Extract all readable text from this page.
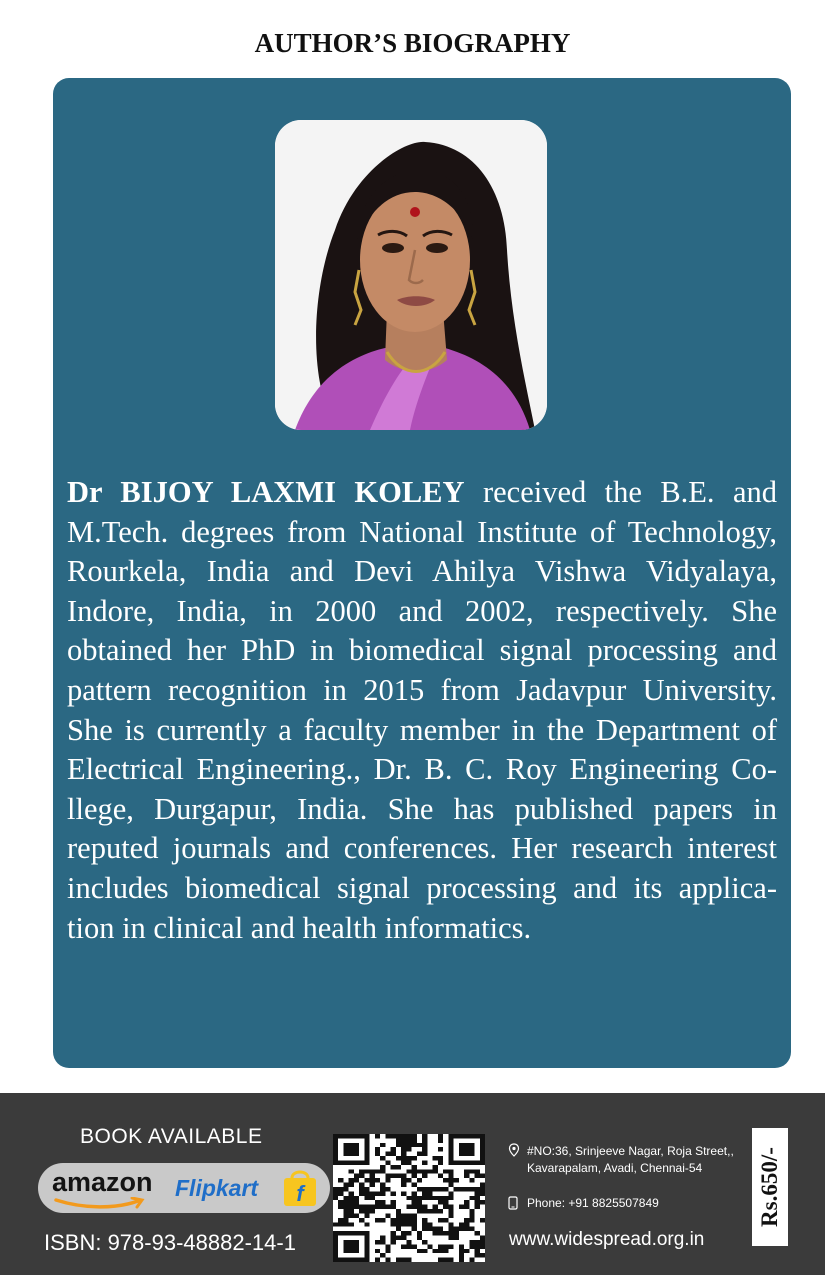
AUTHOR’S BIOGRAPHY
Dr BIJOY LAXMI KOLEY received the B.E. and
M.Tech. degrees from National Institute of Technology,
Rourkela, India and Devi Ahilya Vishwa Vidyalaya,
Indore, India, in 2000 and 2002, respectively. She
obtained her PhD in biomedical signal processing and
pattern recognition in 2015 from Jadavpur University.
She is currently a faculty member in the Department of
Electrical Engineering., Dr. B. C. Roy Engineering Co-
llege, Durgapur, India. She has published papers in
reputed journals and conferences. Her research interest
includes biomedical signal processing and its applica-
tion in clinical and health informatics.
BOOK AVAILABLE
amazon Flipkart f
ISBN: 978-93-48882-14-1
#NO:36, Srinjeeve Nagar, Roja Street,,
Kavarapalam, Avadi, Chennai-54
Phone: +91 8825507849
www.widespread.org.in
Rs.650/-
